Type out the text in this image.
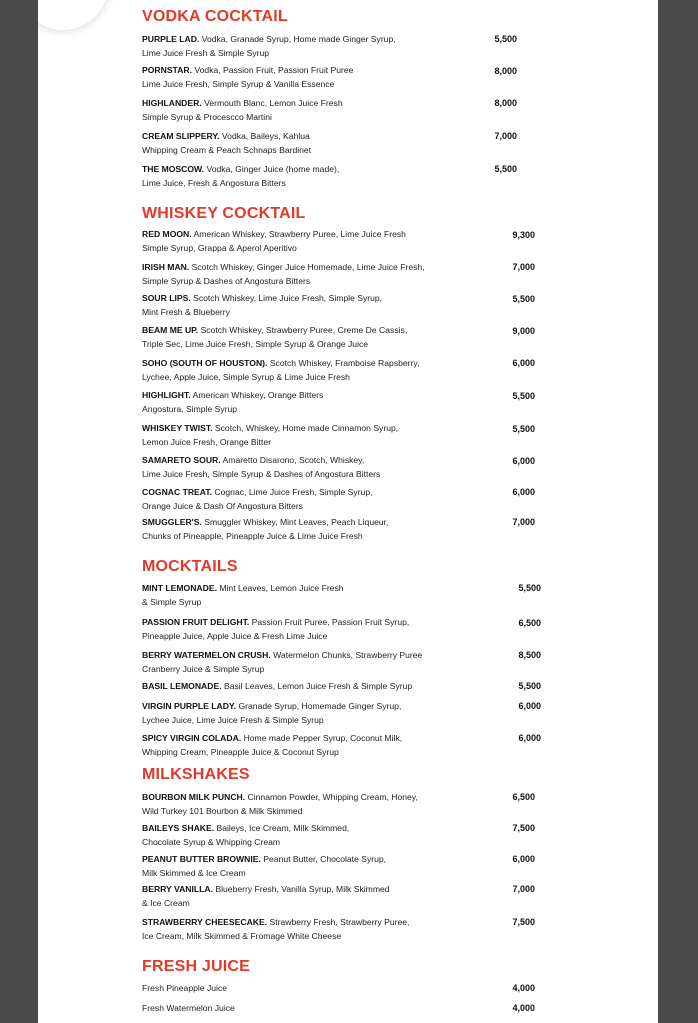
VODKA COCKTAIL
PURPLE LAD. Vodka, Granade Syrup, Home made Ginger Syrup,
Lime Juice Fresh & Simple Syrup
5,500
PORNSTAR. Vodka, Passion Fruit, Passion Fruit Puree
Lime Juice Fresh, Simple Syrup & Vanilla Essence
8,000
HIGHLANDER. Vermouth Blanc, Lemon Juice Fresh
Simple Syrup & Procescco Martini
8,000
CREAM SLIPPERY. Vodka, Baileys, Kahlua
Whipping Cream & Peach Schnaps Bardinet
7,000
THE MOSCOW. Vodka, Ginger Juice (home made),
Lime Juice, Fresh & Angostura Bitters
5,500
WHISKEY COCKTAIL
RED MOON. American Whiskey, Strawberry Puree, Lime Juice Fresh
Simple Syrup, Grappa & Aperol Aperitivo
9,300
IRISH MAN. Scotch Whiskey, Ginger Juice Homemade, Lime Juice Fresh,
Simple Syrup & Dashes of Angostura Bitters
7,000
SOUR LIPS. Scotch Whiskey, Lime Juice Fresh, Simple Syrup,
Mint Fresh & Blueberry
5,500
BEAM ME UP. Scotch Whiskey, Strawberry Puree, Creme De Cassis,
Triple Sec, Lime Juice Fresh, Simple Syrup & Orange Juice
9,000
SOHO (SOUTH OF HOUSTON). Scotch Whiskey, Framboise Rapsberry,
Lychee, Apple Juice, Simple Syrup & Lime Juice Fresh
6,000
HIGHLIGHT. American Whiskey, Orange Bitters
Angostura, Simple Syrup
5,500
WHISKEY TWIST. Scotch, Whiskey, Home made Cinnamon Syrup,
Lemon Juice Fresh, Orange Bitter
5,500
SAMARETO SOUR. Amaretto Disarono, Scotch, Whiskey,
Lime Juice Fresh, Simple Syrup & Dashes of Angostura Bitters
6,000
COGNAC TREAT. Cognac, Lime Juice Fresh, Simple Syrup,
Orange Juice & Dash Of Angostura Bitters
6,000
SMUGGLER'S. Smuggler Whiskey, Mint Leaves, Peach Liqueur,
Chunks of Pineapple, Pineapple Juice & Lime Juice Fresh
7,000
MOCKTAILS
MINT LEMONADE. Mint Leaves, Lemon Juice Fresh
& Simple Syrup
5,500
PASSION FRUIT DELIGHT. Passion Fruit Puree, Passion Fruit Syrup,
Pineapple Juice, Apple Juice & Fresh Lime Juice
6,500
BERRY WATERMELON CRUSH. Watermelon Chunks, Strawberry Puree
Cranberry Juice & Simple Syrup
8,500
BASIL LEMONADE. Basil Leaves, Lemon Juice Fresh & Simple Syrup	5,500
VIRGIN PURPLE LADY. Granade Syrup, Homemade Ginger Syrup,
Lychee Juice, Lime Juice Fresh & Simple Syrup
6,000
SPICY VIRGIN COLADA. Home made Pepper Syrup, Coconut Milk,
Whipping Cream, Pineapple Juice & Coconut Syrup
6,000
MILKSHAKES
BOURBON MILK PUNCH. Cinnamon Powder, Whipping Cream, Honey,
Wild Turkey 101 Bourbon & Milk Skimmed
6,500
BAILEYS SHAKE. Baileys, Ice Cream, Milk Skimmed,
Chocolate Syrup & Whipping Cream
7,500
PEANUT BUTTER BROWNIE. Peanut Butter, Chocolate Syrup,
Milk Skimmed & Ice Cream
6,000
BERRY VANILLA. Blueberry Fresh, Vanilla Syrup, Milk Skimmed
& Ice Cream
7,000
STRAWBERRY CHEESECAKE. Strawberry Fresh, Strawberry Puree,
Ice Cream, Milk Skimmed & Fromage White Cheese
7,500
FRESH JUICE
Fresh Pineapple Juice	4,000
Fresh Watermelon Juice	4,000
